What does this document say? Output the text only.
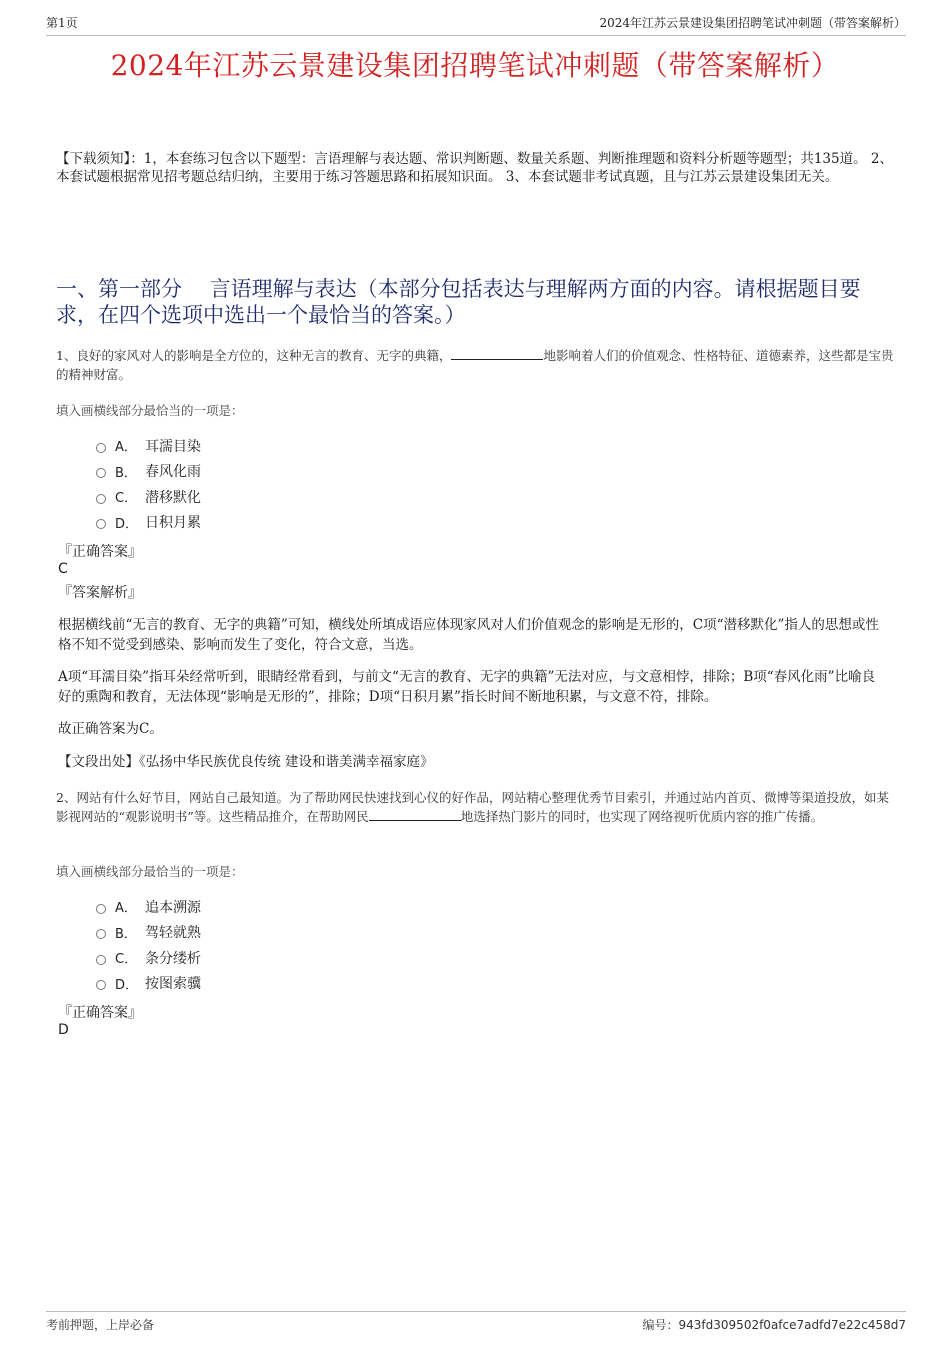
第1页	2024年江苏云景建设集团招聘笔试冲刺题（带答案解析）
2024年江苏云景建设集团招聘笔试冲刺题（带答案解析）
【下载须知】：1，本套练习包含以下题型：言语理解与表达题、常识判断题、数量关系题、判断推理题和资料分析题等题型；共135道。 2、本套试题根据常见招考题总结归纳，主要用于练习答题思路和拓展知识面。 3、本套试题非考试真题，且与江苏云景建设集团无关。
一、第一部分　 言语理解与表达（本部分包括表达与理解两方面的内容。请根据题目要求，在四个选项中选出一个最恰当的答案。）
1、良好的家风对人的影响是全方位的，这种无言的教育、无字的典籍，	地影响着人们的价值观念、性格特征、道德素养，这些都是宝贵的精神财富。
填入画横线部分最恰当的一项是：
A． 耳濡目染
B． 春风化雨
C． 潜移默化
D． 日积月累
『正确答案』
C
『答案解析』
根据横线前“无言的教育、无字的典籍”可知，横线处所填成语应体现家风对人们价值观念的影响是无形的，C项“潜移默化”指人的思想或性格不知不觉受到感染、影响而发生了变化，符合文意，当选。
A项“耳濡目染”指耳朵经常听到，眼睛经常看到，与前文“无言的教育、无字的典籍”无法对应，与文意相悖，排除；B项“春风化雨”比喻良好的熏陶和教育，无法体现“影响是无形的”，排除；D项“日积月累”指长时间不断地积累，与文意不符，排除。
故正确答案为C。
【文段出处】《弘扬中华民族优良传统 建设和谐美满幸福家庭》
2、网站有什么好节目，网站自己最知道。为了帮助网民快速找到心仪的好作品，网站精心整理优秀节目索引，并通过站内首页、微博等渠道投放，如某影视网站的“观影说明书”等。这些精品推介，在帮助网民	地选择热门影片的同时，也实现了网络视听优质内容的推广传播。
填入画横线部分最恰当的一项是：
A． 追本溯源
B． 驾轻就熟
C． 条分缕析
D． 按图索骥
『正确答案』
D
考前押题，上岸必备	编号：943fd309502f0afce7adfd7e22c458d7
